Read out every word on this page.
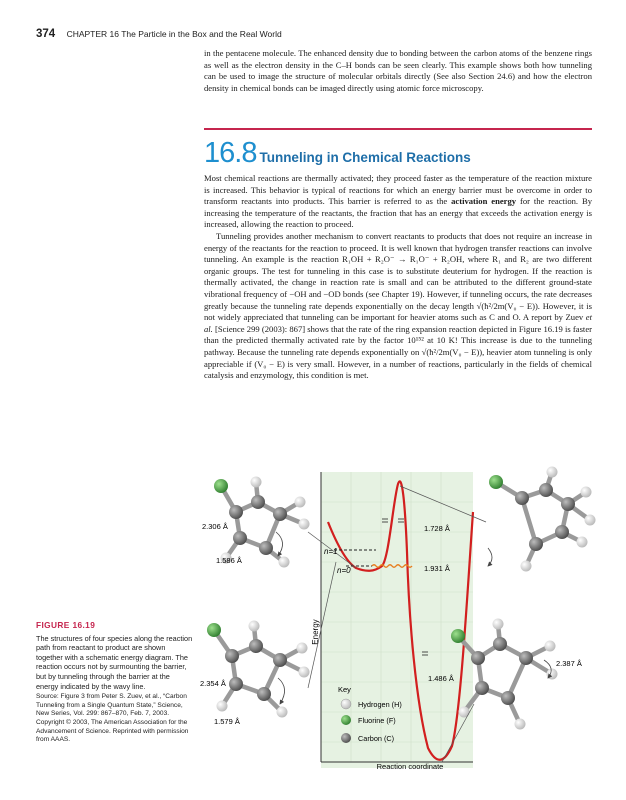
374 CHAPTER 16 The Particle in the Box and the Real World

in the pentacene molecule. The enhanced density due to bonding between the carbon atoms of the benzene rings as well as the electron density in the C–H bonds can be seen clearly. This example shows both how tunneling can be used to image the structure of molecular orbitals directly (See also Section 24.6) and how the electron density in chemical bonds can be imaged directly using atomic force microscopy.

16.8 Tunneling in Chemical Reactions

Most chemical reactions are thermally activated; they proceed faster as the temperature of the reaction mixture is increased. This behavior is typical of reactions for which an energy barrier must be overcome in order to transform reactants into products. This barrier is referred to as the activation energy for the reaction. By increasing the temperature of the reactants, the fraction that has an energy that exceeds the activation energy is increased, allowing the reaction to proceed.

Tunneling provides another mechanism to convert reactants to products that does not require an increase in energy of the reactants for the reaction to proceed. It is well known that hydrogen transfer reactions can involve tunneling. An example is the reaction R₁OH + R₂O⁻ → R₁O⁻ + R₂OH, where R₁ and R₂ are two different organic groups. The test for tunneling in this case is to substitute deuterium for hydrogen. If the reaction is thermally activated, the change in reaction rate is small and can be attributed to the different ground-state vibrational frequency of −OH and −OD bonds (see Chapter 19). However, if tunneling occurs, the rate decreases greatly because the tunneling rate depends exponentially on the decay length √(ħ²/2m(V₀ − E)). However, it is not widely appreciated that tunneling can be important for heavier atoms such as C and O. A report by Zuev et al. [Science 299 (2003): 867] shows that the rate of the ring expansion reaction depicted in Figure 16.19 is faster than the predicted thermally activated rate by the factor 10¹⁵² at 10 K! This increase is due to the tunneling pathway. Because the tunneling rate depends exponentially on √(ħ²/2m(V₀ − E)), heavier atom tunneling is only appreciable if (V₀ − E) is very small. However, in a number of reactions, particularly in the fields of chemical catalysis and enzymology, this condition is met.

n=1
n=0
Energy
Reaction coordinate
2.306 Å
1.586 Å
1.728 Å
1.931 Å
2.354 Å
1.579 Å
1.486 Å
2.387 Å
Key
Hydrogen (H)
Fluorine (F)
Carbon (C)
FIGURE 16.19
The structures of four species along the reaction path from reactant to product are shown together with a schematic energy diagram. The reaction occurs not by surmounting the barrier, but by tunneling through the barrier at the energy indicated by the wavy line.
Source: Figure 3 from Peter S. Zuev, et al., “Carbon Tunneling from a Single Quantum State,” Science, New Series, Vol. 299: 867–870, Feb. 7, 2003. Copyright © 2003, The American Association for the Advancement of Science. Reprinted with permission from AAAS.
